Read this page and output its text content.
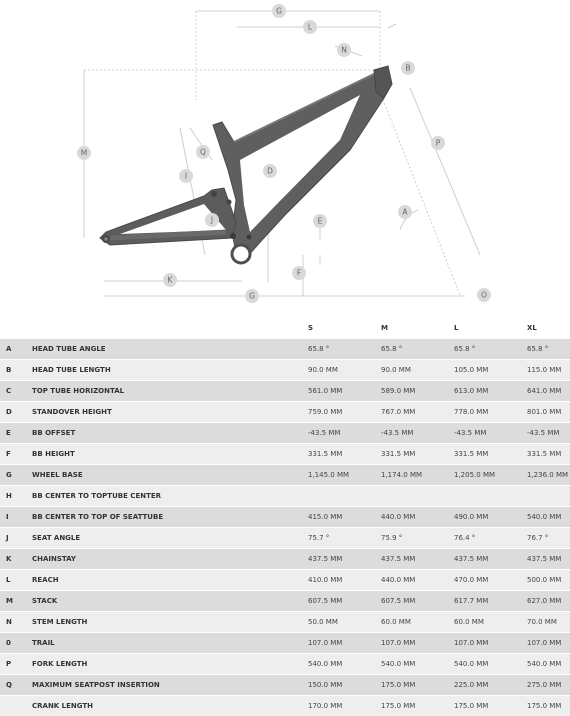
G
L
N
B
M	Q
P
I
D
A
E
J
F
K
G	O
		S	M	L	XL
A	HEAD TUBE ANGLE	65.8 °	65.8 °	65.8 °	65.8 °
B	HEAD TUBE LENGTH	90.0 MM	90.0 MM	105.0 MM	115.0 MM
C	TOP TUBE HORIZONTAL	561.0 MM	589.0 MM	613.0 MM	641.0 MM
D	STANDOVER HEIGHT	759.0 MM	767.0 MM	778.0 MM	801.0 MM
E	BB OFFSET	-43.5 MM	-43.5 MM	-43.5 MM	-43.5 MM
F	BB HEIGHT	331.5 MM	331.5 MM	331.5 MM	331.5 MM
G	WHEEL BASE	1,145.0 MM	1,174.0 MM	1,205.0 MM	1,236.0 MM
H	BB CENTER TO TOPTUBE CENTER				
I	BB CENTER TO TOP OF SEATTUBE	415.0 MM	440.0 MM	490.0 MM	540.0 MM
J	SEAT ANGLE	75.7 °	75.9 °	76.4 °	76.7 °
K	CHAINSTAY	437.5 MM	437.5 MM	437.5 MM	437.5 MM
L	REACH	410.0 MM	440.0 MM	470.0 MM	500.0 MM
M	STACK	607.5 MM	607.5 MM	617.7 MM	627.0 MM
N	STEM LENGTH	50.0 MM	60.0 MM	60.0 MM	70.0 MM
0	TRAIL	107.0 MM	107.0 MM	107.0 MM	107.0 MM
P	FORK LENGTH	540.0 MM	540.0 MM	540.0 MM	540.0 MM
Q	MAXIMUM SEATPOST INSERTION	150.0 MM	175.0 MM	225.0 MM	275.0 MM
	CRANK LENGTH	170.0 MM	175.0 MM	175.0 MM	175.0 MM
